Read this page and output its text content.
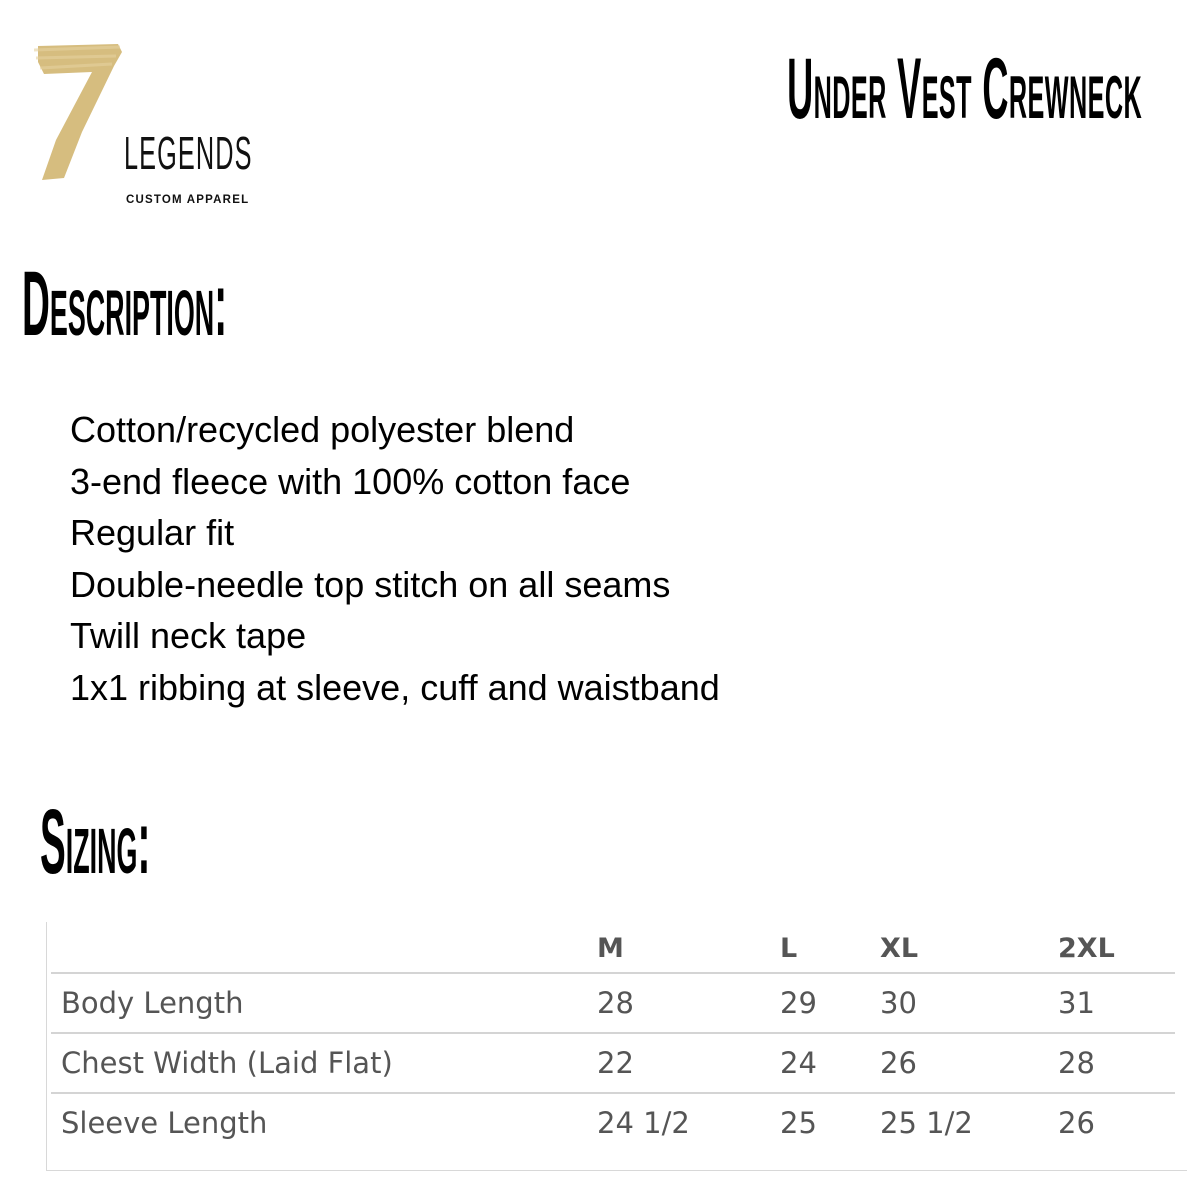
LEGENDS
CUSTOM APPAREL
Under Vest Crewneck
Description:
Cotton/recycled polyester blend
3-end fleece with 100% cotton face
Regular fit
Double-needle top stitch on all seams
Twill neck tape
1x1 ribbing at sleeve, cuff and waistband
Sizing:
	M	L	XL	2XL
Body Length	28	29	30	31
Chest Width (Laid Flat)	22	24	26	28
Sleeve Length	24 1/2	25	25 1/2	26
